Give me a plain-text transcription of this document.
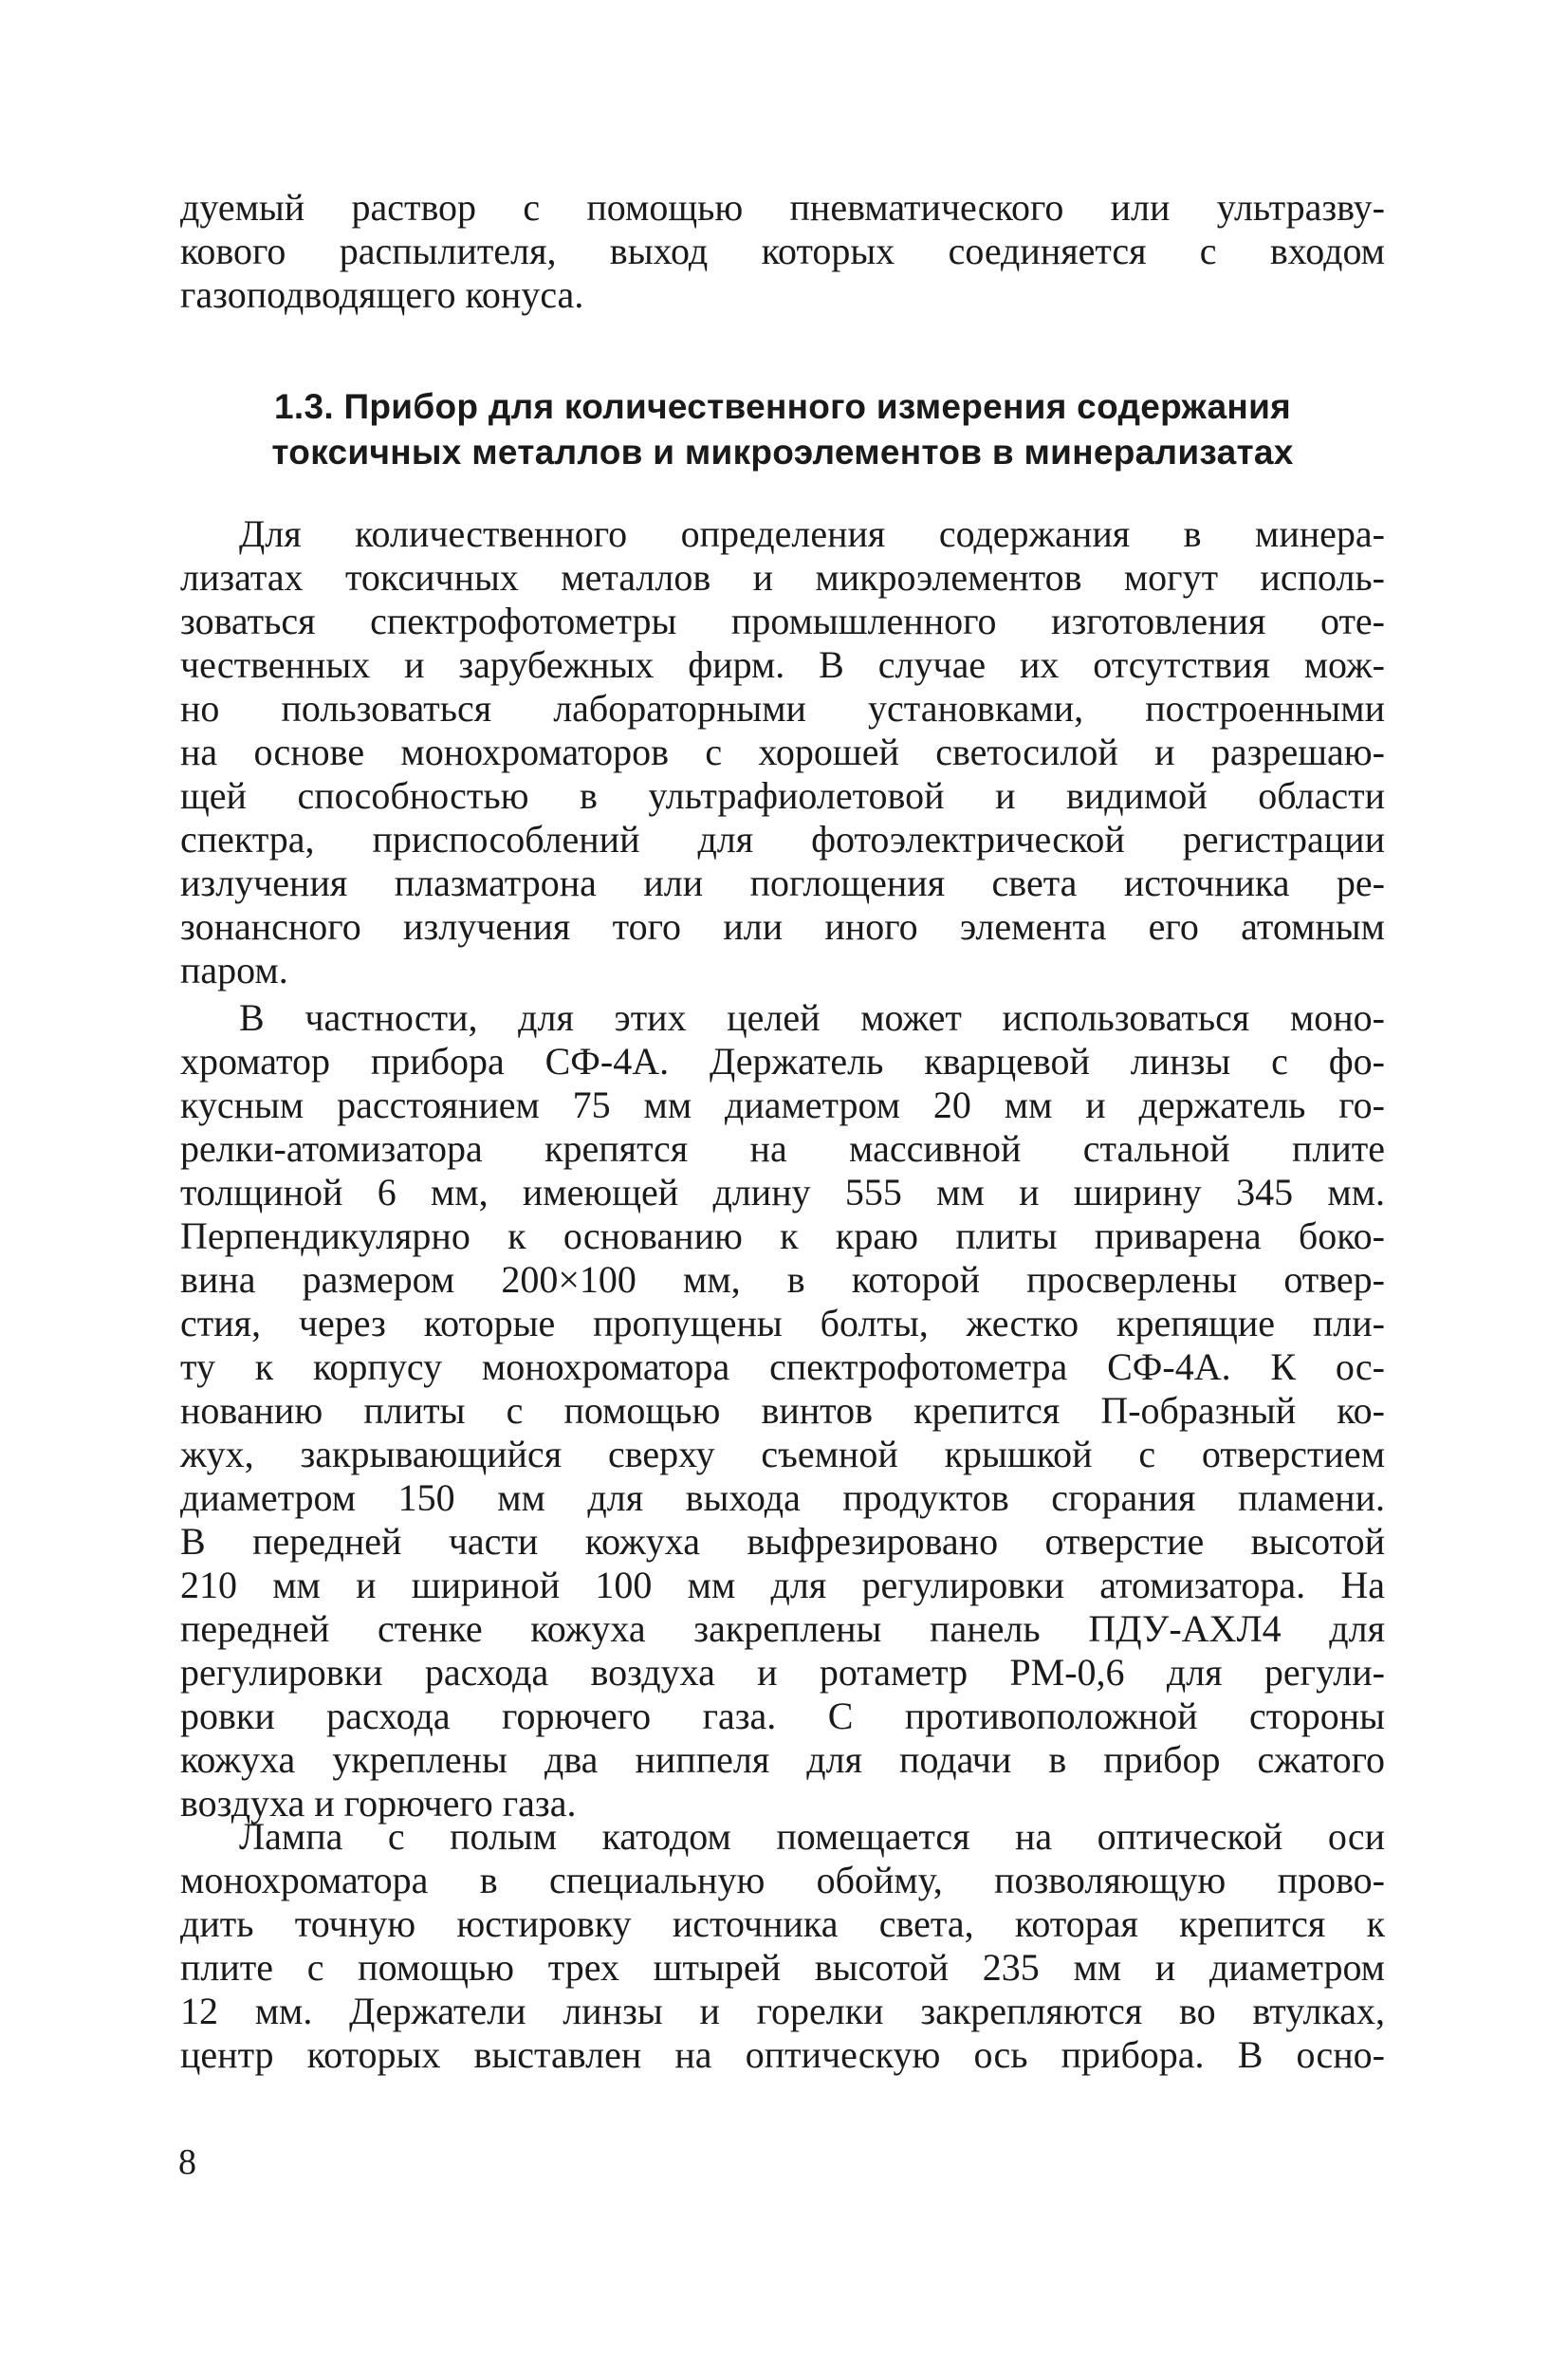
дуемый раствор с помощью пневматического или ультразву-
кового распылителя, выход которых соединяется с входом
газоподводящего конуса.

1.3. Прибор для количественного измерения содержания
токсичных металлов и микроэлементов в минерализатах

Для количественного определения содержания в минера-
лизатах токсичных металлов и микроэлементов могут исполь-
зоваться спектрофотометры промышленного изготовления оте-
чественных и зарубежных фирм. В случае их отсутствия мож-
но пользоваться лабораторными установками, построенными
на основе монохроматоров с хорошей светосилой и разрешаю-
щей способностью в ультрафиолетовой и видимой области
спектра, приспособлений для фотоэлектрической регистрации
излучения плазматрона или поглощения света источника ре-
зонансного излучения того или иного элемента его атомным
паром.

В частности, для этих целей может использоваться моно-
хроматор прибора СФ-4А. Держатель кварцевой линзы с фо-
кусным расстоянием 75 мм диаметром 20 мм и держатель го-
релки-атомизатора крепятся на массивной стальной плите
толщиной 6 мм, имеющей длину 555 мм и ширину 345 мм.
Перпендикулярно к основанию к краю плиты приварена боко-
вина размером 200×100 мм, в которой просверлены отвер-
стия, через которые пропущены болты, жестко крепящие пли-
ту к корпусу монохроматора спектрофотометра СФ-4А. К ос-
нованию плиты с помощью винтов крепится П-образный ко-
жух, закрывающийся сверху съемной крышкой с отверстием
диаметром 150 мм для выхода продуктов сгорания пламени.
В передней части кожуха выфрезировано отверстие высотой
210 мм и шириной 100 мм для регулировки атомизатора. На
передней стенке кожуха закреплены панель ПДУ-АХЛ4 для
регулировки расхода воздуха и ротаметр РМ-0,6 для регули-
ровки расхода горючего газа. С противоположной стороны
кожуха укреплены два ниппеля для подачи в прибор сжатого
воздуха и горючего газа.

Лампа с полым катодом помещается на оптической оси
монохроматора в специальную обойму, позволяющую прово-
дить точную юстировку источника света, которая крепится к
плите с помощью трех штырей высотой 235 мм и диаметром
12 мм. Держатели линзы и горелки закрепляются во втулках,
центр которых выставлен на оптическую ось прибора. В осно-

8
